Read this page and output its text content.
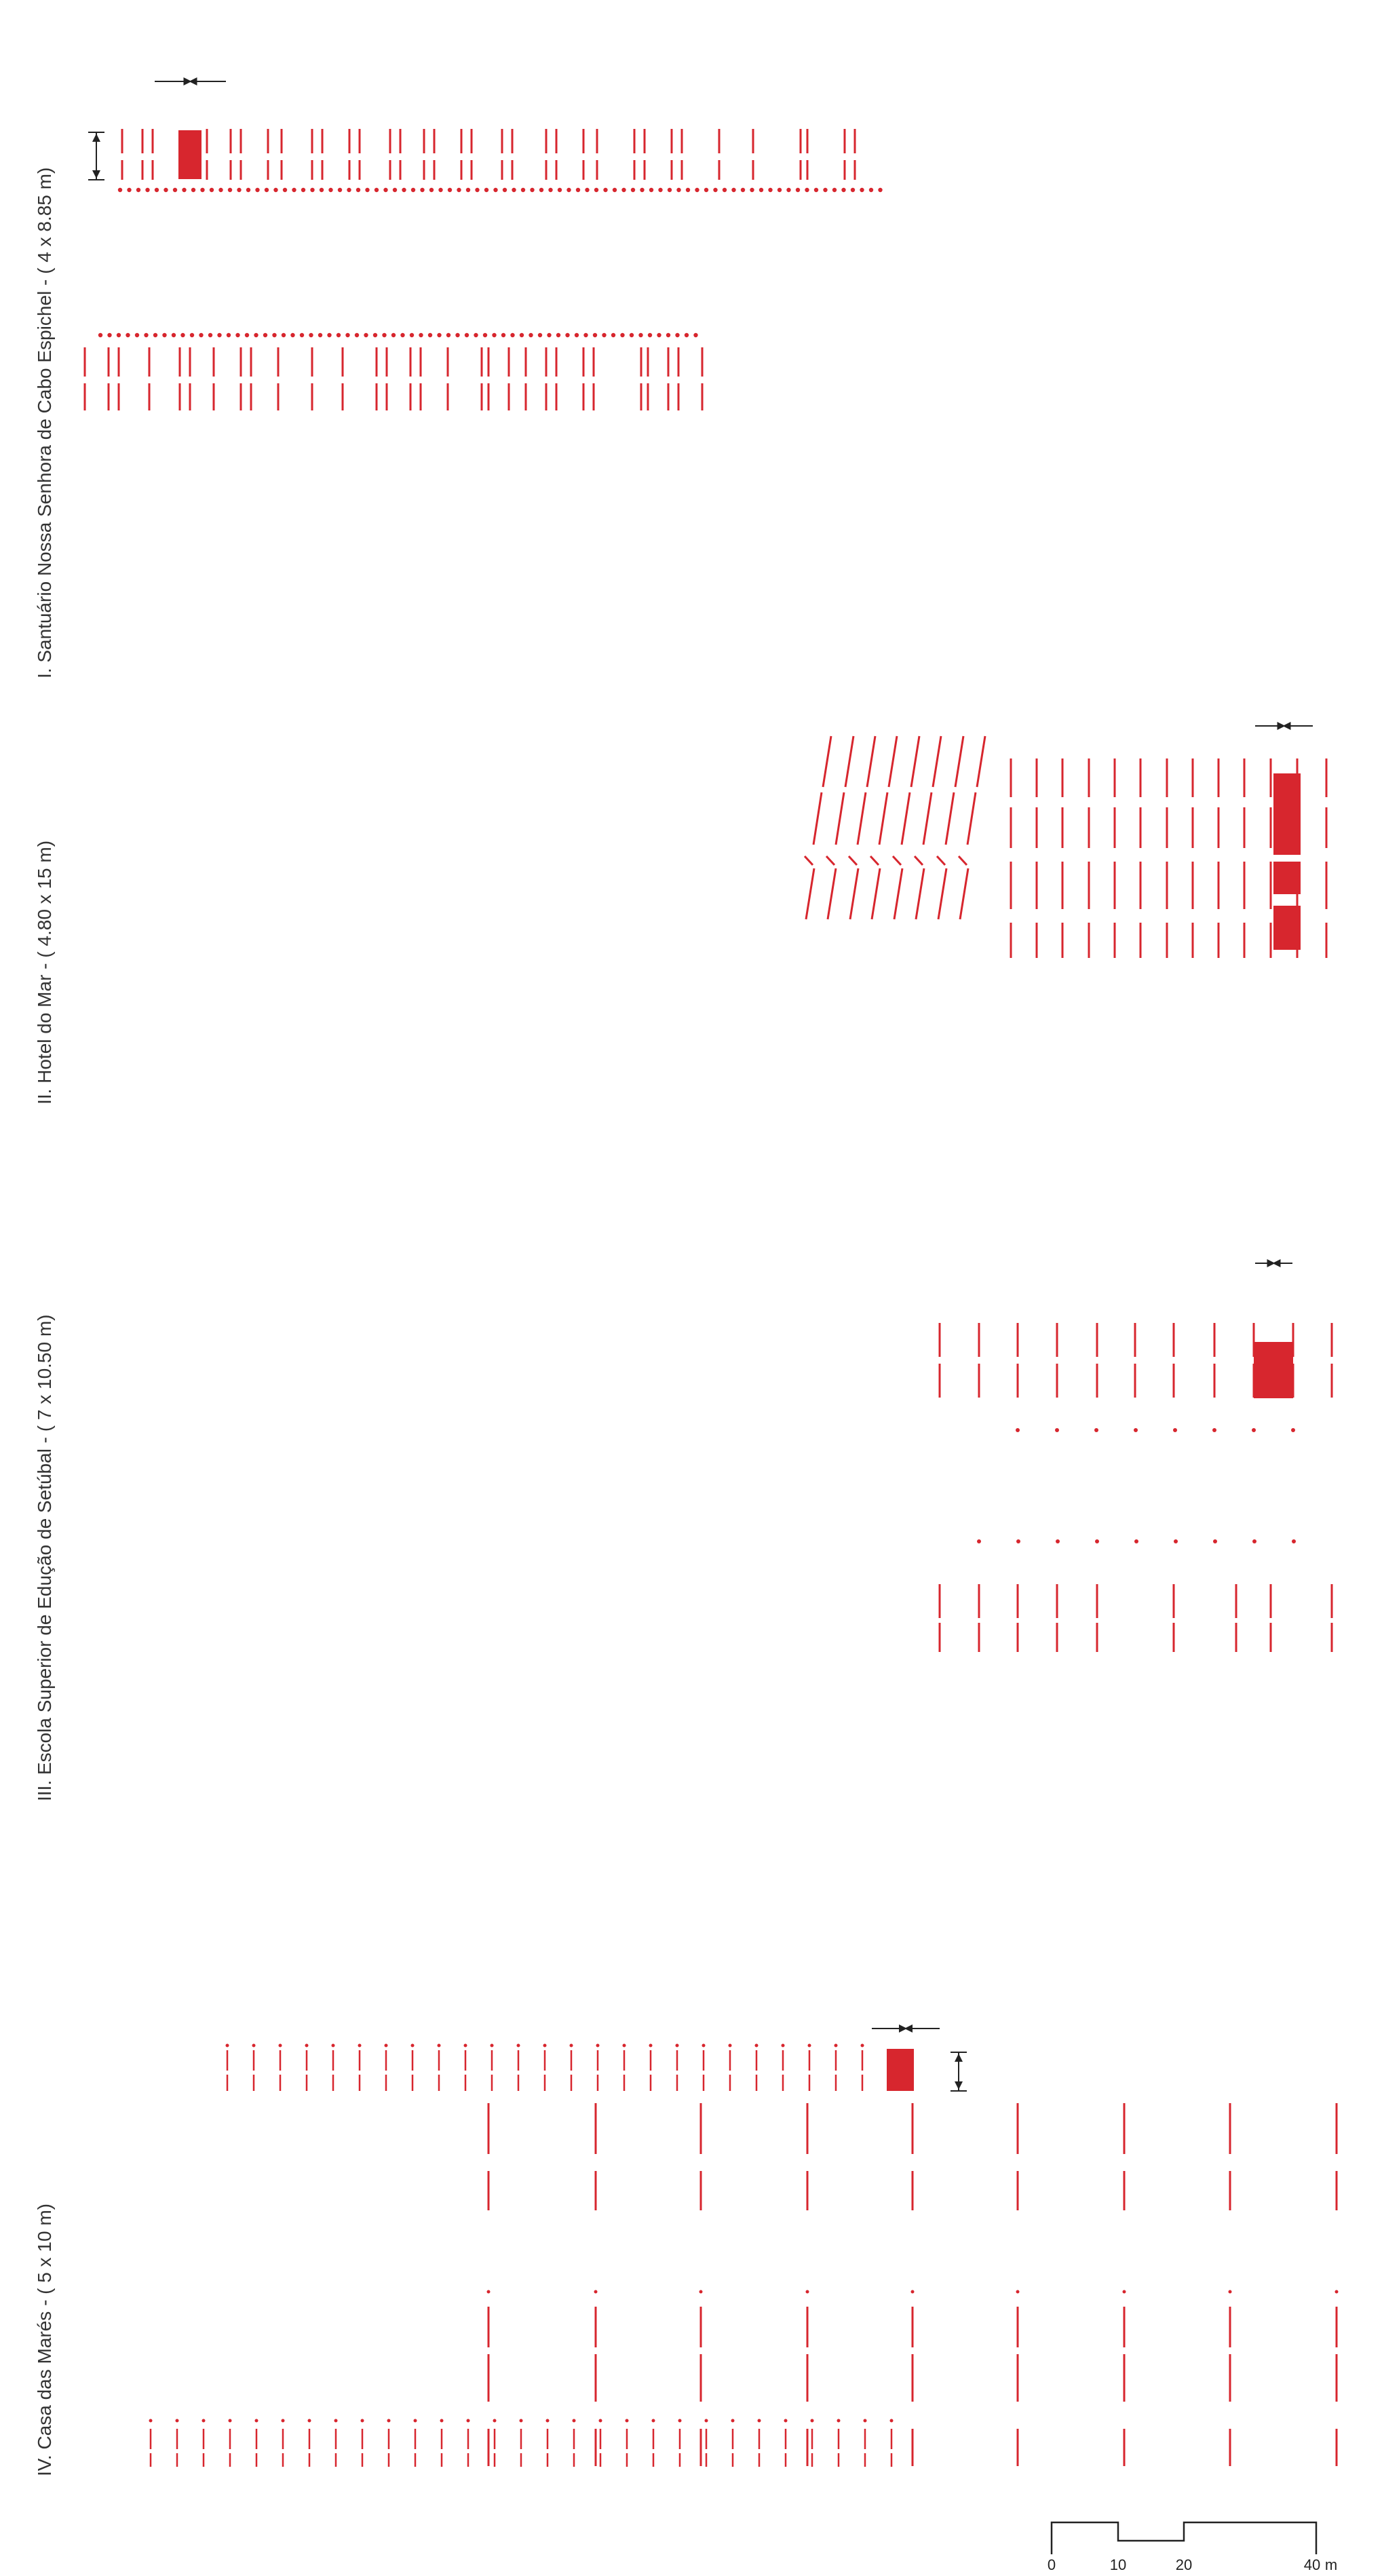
0	10	20	40 m
I. Santuário Nossa Senhora de Cabo Espichel - ( 4 x 8.85 m)
II. Hotel do Mar - ( 4.80 x 15 m)
III. Escola Superior de Edução de Setúbal - ( 7 x 10.50 m)
IV. Casa das Marés - ( 5 x 10 m)
